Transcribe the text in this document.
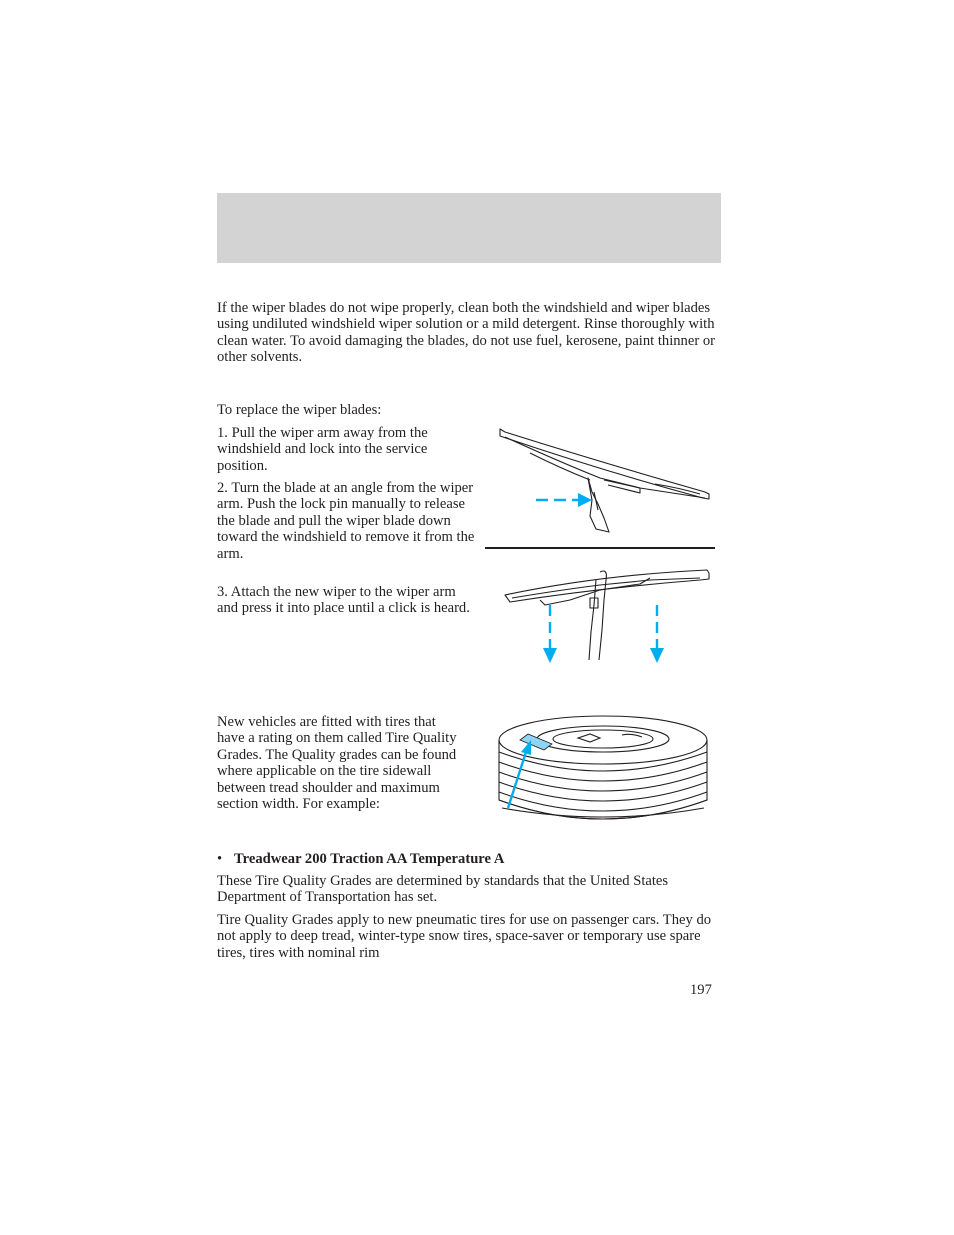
If the wiper blades do not wipe properly, clean both the windshield and wiper blades using undiluted windshield wiper solution or a mild detergent. Rinse thoroughly with clean water. To avoid damaging the blades, do not use fuel, kerosene, paint thinner or other solvents.

To replace the wiper blades:

1. Pull the wiper arm away from the windshield and lock into the service position.

2. Turn the blade at an angle from the wiper arm. Push the lock pin manually to release the blade and pull the wiper blade down toward the windshield to remove it from the arm.

3. Attach the new wiper to the wiper arm and press it into place until a click is heard.

New vehicles are fitted with tires that have a rating on them called Tire Quality Grades. The Quality grades can be found where applicable on the tire sidewall between tread shoulder and maximum section width. For example:

• Treadwear 200 Traction AA Temperature A

These Tire Quality Grades are determined by standards that the United States Department of Transportation has set.

Tire Quality Grades apply to new pneumatic tires for use on passenger cars. They do not apply to deep tread, winter-type snow tires, space-saver or temporary use spare tires, tires with nominal rim

197
